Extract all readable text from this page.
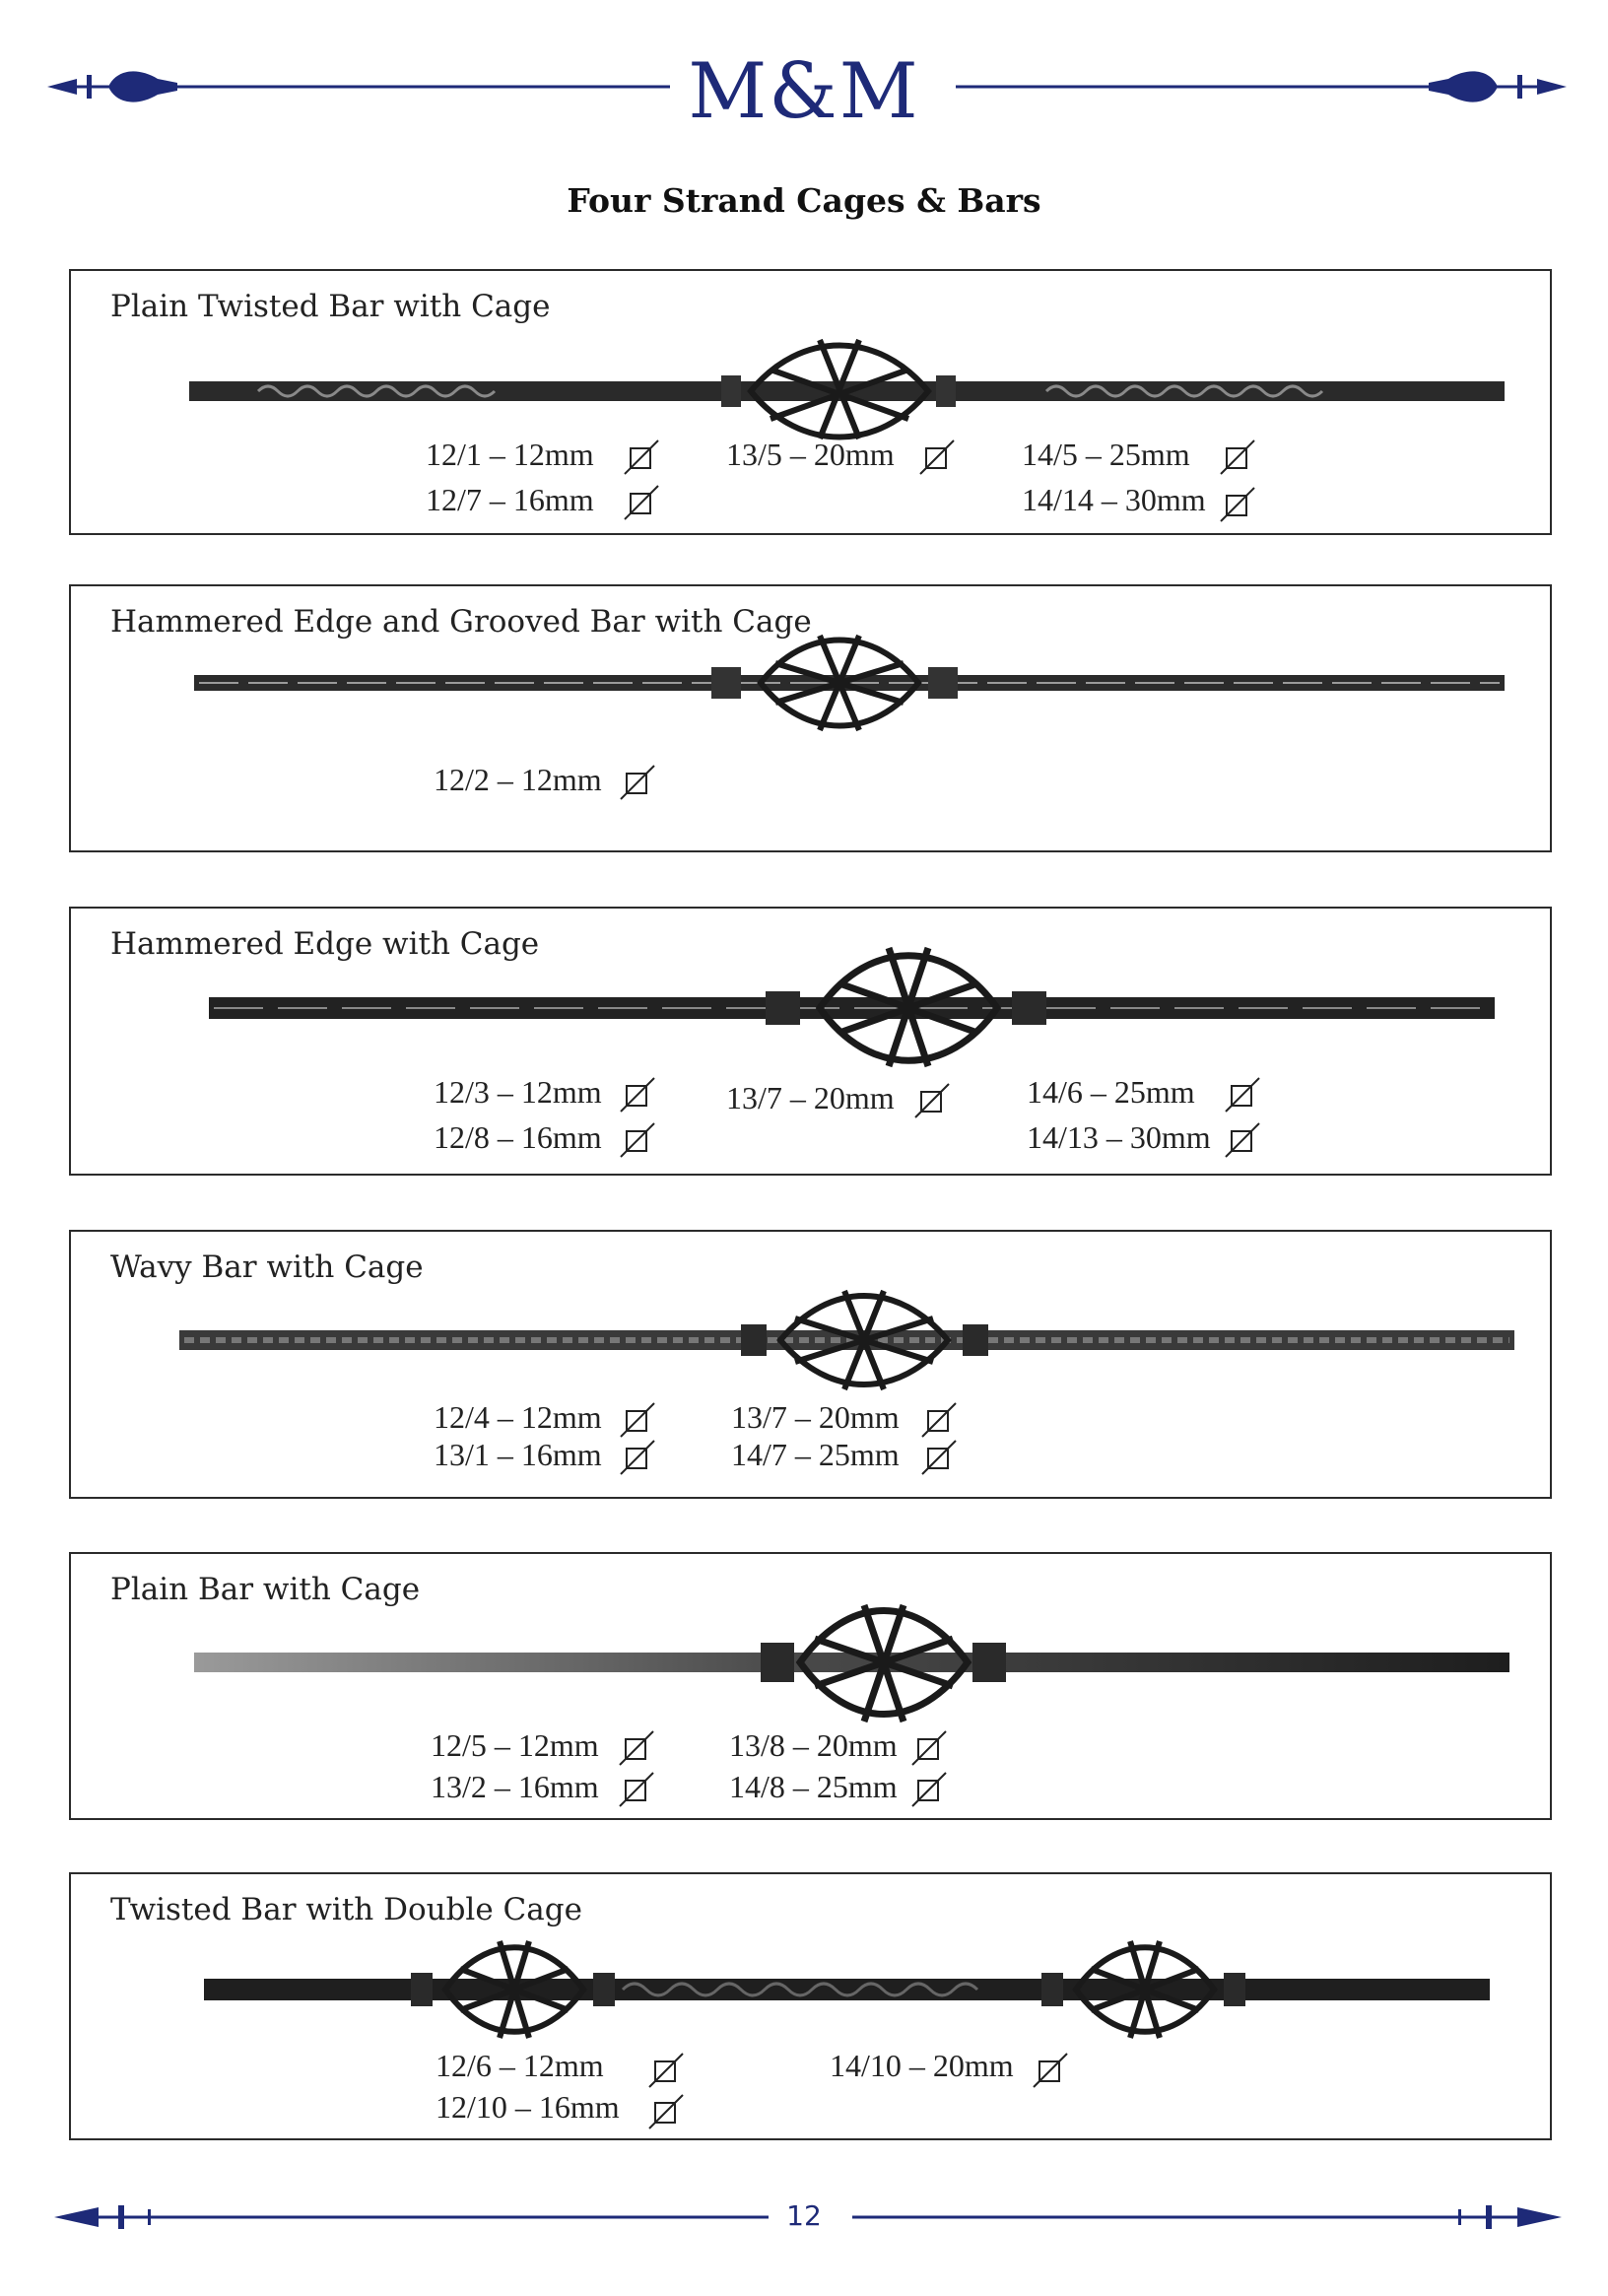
M&M
Four Strand Cages & Bars
Plain Twisted Bar with Cage
12/1 – 12mm
12/7 – 16mm
13/5 – 20mm	14/5 – 25mm
14/14 – 30mm
Hammered Edge and Grooved Bar with Cage
12/2 – 12mm
Hammered Edge with Cage
12/3 – 12mm
12/8 – 16mm
13/7 – 20mm	14/6 – 25mm
14/13 – 30mm
Wavy Bar with Cage
12/4 – 12mm
13/1 – 16mm
13/7 – 20mm
14/7 – 25mm
Plain Bar with Cage
12/5 – 12mm
13/2 – 16mm
13/8 – 20mm
14/8 – 25mm
Twisted Bar with Double Cage
12/6 – 12mm
12/10 – 16mm
14/10 – 20mm
12
